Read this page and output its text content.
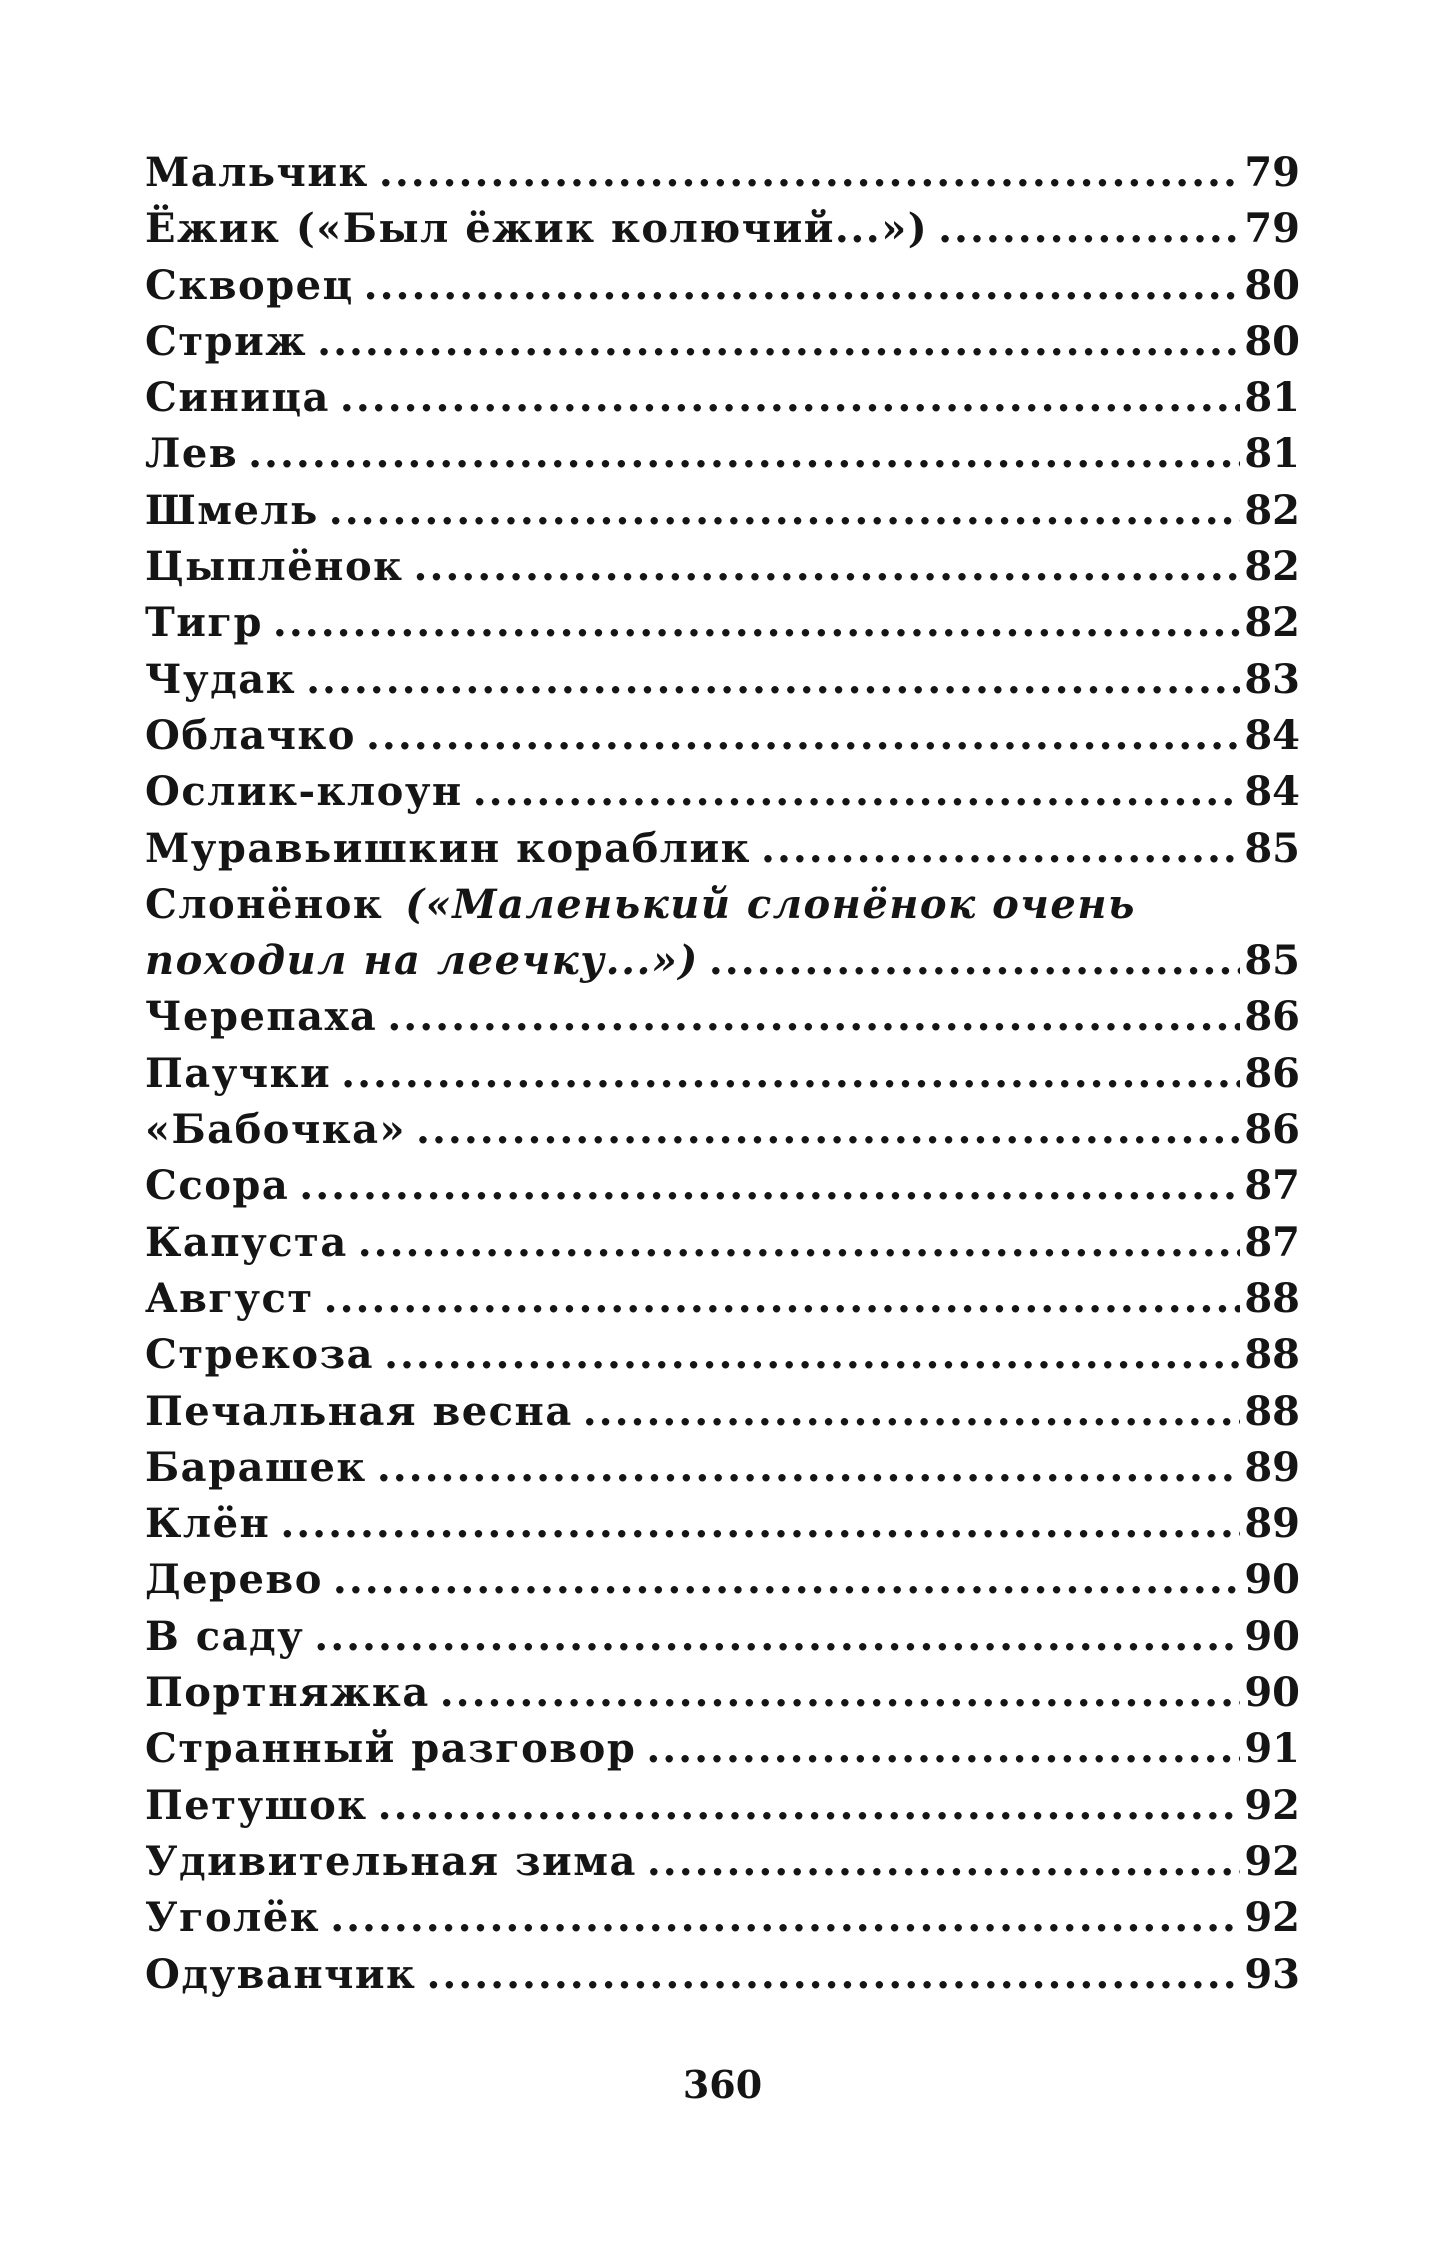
Мальчик .....	79
Ёжик («Был ёжик колючий...») .....	79
Скворец .....	80
Стриж .....	80
Синица .....	81
Лев .....	81
Шмель .....	82
Цыплёнок .....	82
Тигр .....	82
Чудак .....	83
Облачко .....	84
Ослик-клоун .....	84
Муравьишкин кораблик .....	85
Слонёнок («Маленький слонёнок очень
походил на леечку...») .....	85
Черепаха .....	86
Паучки .....	86
«Бабочка» .....	86
Ссора .....	87
Капуста .....	87
Август .....	88
Стрекоза .....	88
Печальная весна .....	88
Барашек .....	89
Клён .....	89
Дерево .....	90
В саду .....	90
Портняжка .....	90
Странный разговор .....	91
Петушок .....	92
Удивительная зима .....	92
Уголёк .....	92
Одуванчик .....	93
360
